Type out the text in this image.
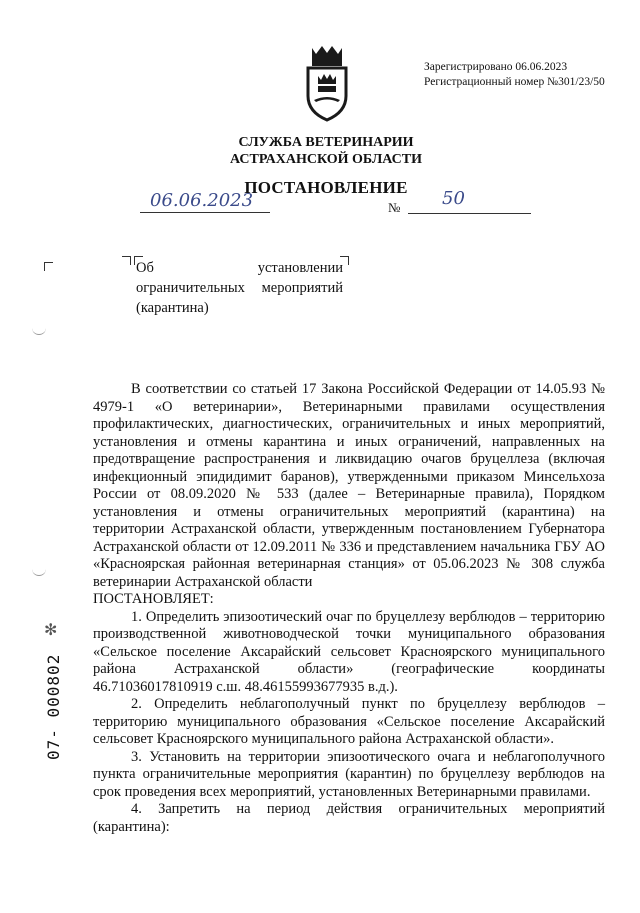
Зарегистрировано 06.06.2023
Регистрационный номер №301/23/50
СЛУЖБА ВЕТЕРИНАРИИ
АСТРАХАНСКОЙ ОБЛАСТИ
ПОСТАНОВЛЕНИЕ
06.06.2023	№ 50
Об установлении ограничительных мероприятий (карантина)
✻
07- 000802

В соответствии со статьей 17 Закона Российской Федерации от 14.05.93 № 4979-1 «О ветеринарии», Ветеринарными правилами осуществления профилактических, диагностических, ограничительных и иных мероприятий, установления и отмены карантина и иных ограничений, направленных на предотвращение распространения и ликвидацию очагов бруцеллеза (включая инфекционный эпидидимит баранов), утвержденными приказом Минсельхоза России от 08.09.2020 № 533 (далее – Ветеринарные правила), Порядком установления и отмены ограничительных мероприятий (карантина) на территории Астраханской области, утвержденным постановлением Губернатора Астраханской области от 12.09.2011 № 336 и представлением начальника ГБУ АО «Красноярская районная ветеринарная станция» от 05.06.2023 № 308 служба ветеринарии Астраханской области

ПОСТАНОВЛЯЕТ:

1. Определить эпизоотический очаг по бруцеллезу верблюдов – территорию производственной животноводческой точки муниципального образования «Сельское поселение Аксарайский сельсовет Красноярского муниципального района Астраханской области» (географические координаты

46.71036017810919 с.ш. 48.46155993677935 в.д.).

2. Определить неблагополучный пункт по бруцеллезу верблюдов – территорию муниципального образования «Сельское поселение Аксарайский сельсовет Красноярского муниципального района Астраханской области».

3. Установить на территории эпизоотического очага и неблагополучного пункта ограничительные мероприятия (карантин) по бруцеллезу верблюдов на срок проведения всех мероприятий, установленных Ветеринарными правилами.

4. Запретить на период действия ограничительных мероприятий (карантина):
